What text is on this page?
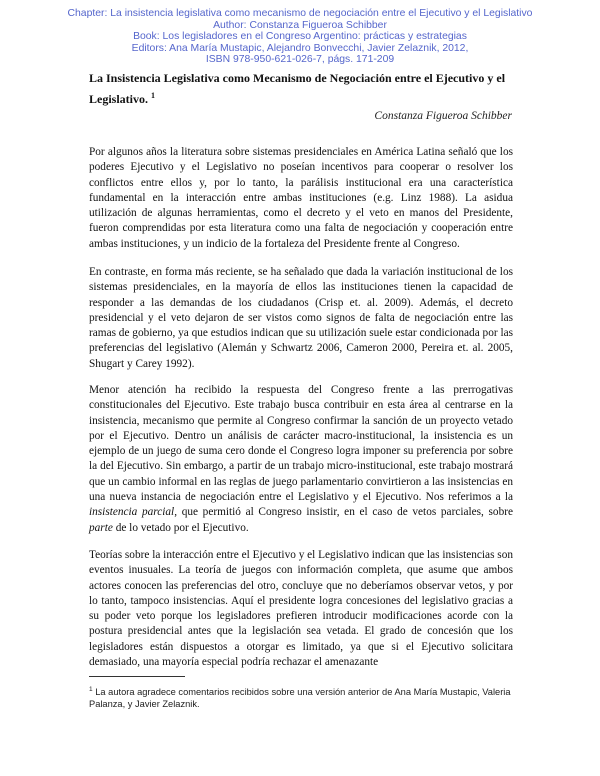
Chapter: La insistencia legislativa como mecanismo de negociación entre el Ejecutivo y el Legislativo
Author: Constanza Figueroa Schibber
Book: Los legisladores en el Congreso Argentino: prácticas y estrategias
Editors: Ana María Mustapic, Alejandro Bonvecchi, Javier Zelaznik, 2012,
ISBN 978-950-621-026-7, págs. 171-209
La Insistencia Legislativa como Mecanismo de Negociación entre el Ejecutivo y el Legislativo. $^1$
Constanza Figueroa Schibber

Por algunos años la literatura sobre sistemas presidenciales en América Latina señaló que los poderes Ejecutivo y el Legislativo no poseían incentivos para cooperar o resolver los conflictos entre ellos y, por lo tanto, la parálisis institucional era una característica fundamental en la interacción entre ambas instituciones (e.g. Linz 1988). La asidua utilización de algunas herramientas, como el decreto y el veto en manos del Presidente, fueron comprendidas por esta literatura como una falta de negociación y cooperación entre ambas instituciones, y un indicio de la fortaleza del Presidente frente al Congreso.

En contraste, en forma más reciente, se ha señalado que dada la variación institucional de los sistemas presidenciales, en la mayoría de ellos las instituciones tienen la capacidad de responder a las demandas de los ciudadanos (Crisp et. al. 2009). Además, el decreto presidencial y el veto dejaron de ser vistos como signos de falta de negociación entre las ramas de gobierno, ya que estudios indican que su utilización suele estar condicionada por las preferencias del legislativo (Alemán y Schwartz 2006, Cameron 2000, Pereira et. al. 2005, Shugart y Carey 1992).

Menor atención ha recibido la respuesta del Congreso frente a las prerrogativas constitucionales del Ejecutivo. Este trabajo busca contribuir en esta área al centrarse en la insistencia, mecanismo que permite al Congreso confirmar la sanción de un proyecto vetado por el Ejecutivo. Dentro un análisis de carácter macro-institucional, la insistencia es un ejemplo de un juego de suma cero donde el Congreso logra imponer su preferencia por sobre la del Ejecutivo. Sin embargo, a partir de un trabajo micro-institucional, este trabajo mostrará que un cambio informal en las reglas de juego parlamentario convirtieron a las insistencias en una nueva instancia de negociación entre el Legislativo y el Ejecutivo. Nos referimos a la insistencia parcial, que permitió al Congreso insistir, en el caso de vetos parciales, sobre parte de lo vetado por el Ejecutivo.

Teorías sobre la interacción entre el Ejecutivo y el Legislativo indican que las insistencias son eventos inusuales. La teoría de juegos con información completa, que asume que ambos actores conocen las preferencias del otro, concluye que no deberíamos observar vetos, y por lo tanto, tampoco insistencias. Aquí el presidente logra concesiones del legislativo gracias a su poder veto porque los legisladores prefieren introducir modificaciones acorde con la postura presidencial antes que la legislación sea vetada. El grado de concesión que los legisladores están dispuestos a otorgar es limitado, ya que si el Ejecutivo solicitara demasiado, una mayoría especial podría rechazar el amenazante

$^1$ La autora agradece comentarios recibidos sobre una versión anterior de Ana María Mustapic, Valeria Palanza, y Javier Zelaznik.
